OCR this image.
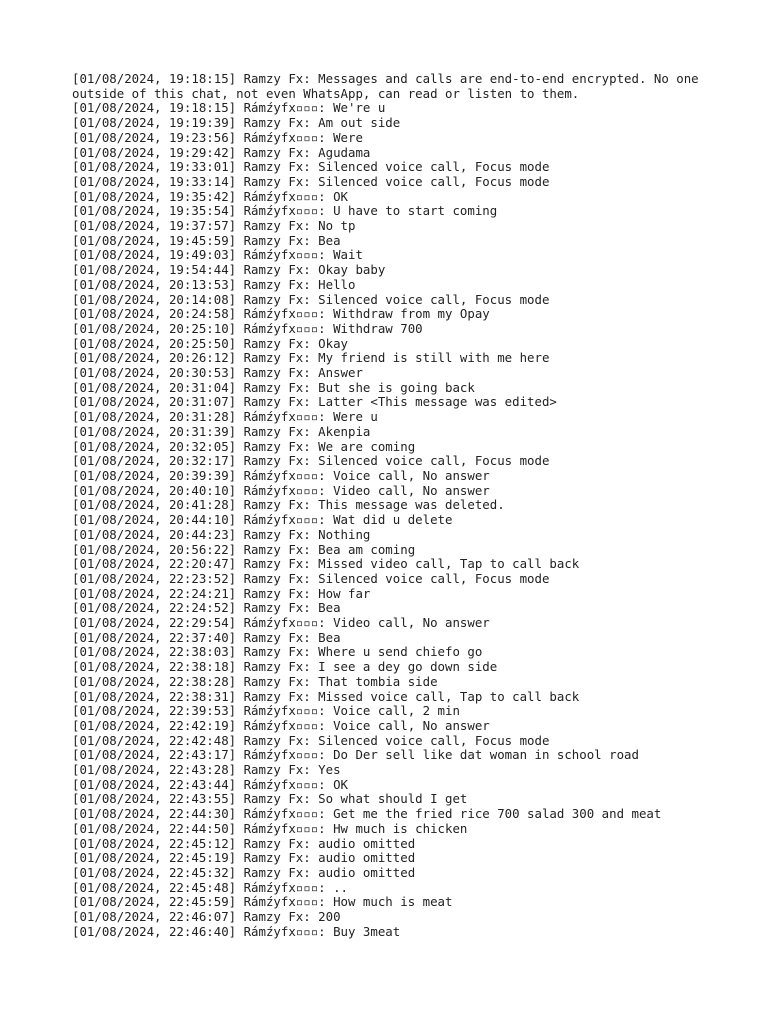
[01/08/2024, 19:18:15] Ramzy Fx: Messages and calls are end-to-end encrypted. No one outside of this chat, not even WhatsApp, can read or listen to them.
[01/08/2024, 19:18:15] Rámźyfx▫▫▫: We're u
[01/08/2024, 19:19:39] Ramzy Fx: Am out side
[01/08/2024, 19:23:56] Rámźyfx▫▫▫: Were
[01/08/2024, 19:29:42] Ramzy Fx: Agudama
[01/08/2024, 19:33:01] Ramzy Fx: Silenced voice call, Focus mode
[01/08/2024, 19:33:14] Ramzy Fx: Silenced voice call, Focus mode
[01/08/2024, 19:35:42] Rámźyfx▫▫▫: OK
[01/08/2024, 19:35:54] Rámźyfx▫▫▫: U have to start coming
[01/08/2024, 19:37:57] Ramzy Fx: No tp
[01/08/2024, 19:45:59] Ramzy Fx: Bea
[01/08/2024, 19:49:03] Rámźyfx▫▫▫: Wait
[01/08/2024, 19:54:44] Ramzy Fx: Okay baby
[01/08/2024, 20:13:53] Ramzy Fx: Hello
[01/08/2024, 20:14:08] Ramzy Fx: Silenced voice call, Focus mode
[01/08/2024, 20:24:58] Rámźyfx▫▫▫: Withdraw from my Opay
[01/08/2024, 20:25:10] Rámźyfx▫▫▫: Withdraw 700
[01/08/2024, 20:25:50] Ramzy Fx: Okay
[01/08/2024, 20:26:12] Ramzy Fx: My friend is still with me here
[01/08/2024, 20:30:53] Ramzy Fx: Answer
[01/08/2024, 20:31:04] Ramzy Fx: But she is going back
[01/08/2024, 20:31:07] Ramzy Fx: Latter <This message was edited>
[01/08/2024, 20:31:28] Rámźyfx▫▫▫: Were u
[01/08/2024, 20:31:39] Ramzy Fx: Akenpia
[01/08/2024, 20:32:05] Ramzy Fx: We are coming
[01/08/2024, 20:32:17] Ramzy Fx: Silenced voice call, Focus mode
[01/08/2024, 20:39:39] Rámźyfx▫▫▫: Voice call, No answer
[01/08/2024, 20:40:10] Rámźyfx▫▫▫: Video call, No answer
[01/08/2024, 20:41:28] Ramzy Fx: This message was deleted.
[01/08/2024, 20:44:10] Rámźyfx▫▫▫: Wat did u delete
[01/08/2024, 20:44:23] Ramzy Fx: Nothing
[01/08/2024, 20:56:22] Ramzy Fx: Bea am coming
[01/08/2024, 22:20:47] Ramzy Fx: Missed video call, Tap to call back
[01/08/2024, 22:23:52] Ramzy Fx: Silenced voice call, Focus mode
[01/08/2024, 22:24:21] Ramzy Fx: How far
[01/08/2024, 22:24:52] Ramzy Fx: Bea
[01/08/2024, 22:29:54] Rámźyfx▫▫▫: Video call, No answer
[01/08/2024, 22:37:40] Ramzy Fx: Bea
[01/08/2024, 22:38:03] Ramzy Fx: Where u send chiefo go
[01/08/2024, 22:38:18] Ramzy Fx: I see a dey go down side
[01/08/2024, 22:38:28] Ramzy Fx: That tombia side
[01/08/2024, 22:38:31] Ramzy Fx: Missed voice call, Tap to call back
[01/08/2024, 22:39:53] Rámźyfx▫▫▫: Voice call, 2 min
[01/08/2024, 22:42:19] Rámźyfx▫▫▫: Voice call, No answer
[01/08/2024, 22:42:48] Ramzy Fx: Silenced voice call, Focus mode
[01/08/2024, 22:43:17] Rámźyfx▫▫▫: Do Der sell like dat woman in school road
[01/08/2024, 22:43:28] Ramzy Fx: Yes
[01/08/2024, 22:43:44] Rámźyfx▫▫▫: OK
[01/08/2024, 22:43:55] Ramzy Fx: So what should I get
[01/08/2024, 22:44:30] Rámźyfx▫▫▫: Get me the fried rice 700 salad 300 and meat
[01/08/2024, 22:44:50] Rámźyfx▫▫▫: Hw much is chicken
[01/08/2024, 22:45:12] Ramzy Fx: audio omitted
[01/08/2024, 22:45:19] Ramzy Fx: audio omitted
[01/08/2024, 22:45:32] Ramzy Fx: audio omitted
[01/08/2024, 22:45:48] Rámźyfx▫▫▫: ..
[01/08/2024, 22:45:59] Rámźyfx▫▫▫: How much is meat
[01/08/2024, 22:46:07] Ramzy Fx: 200
[01/08/2024, 22:46:40] Rámźyfx▫▫▫: Buy 3meat
